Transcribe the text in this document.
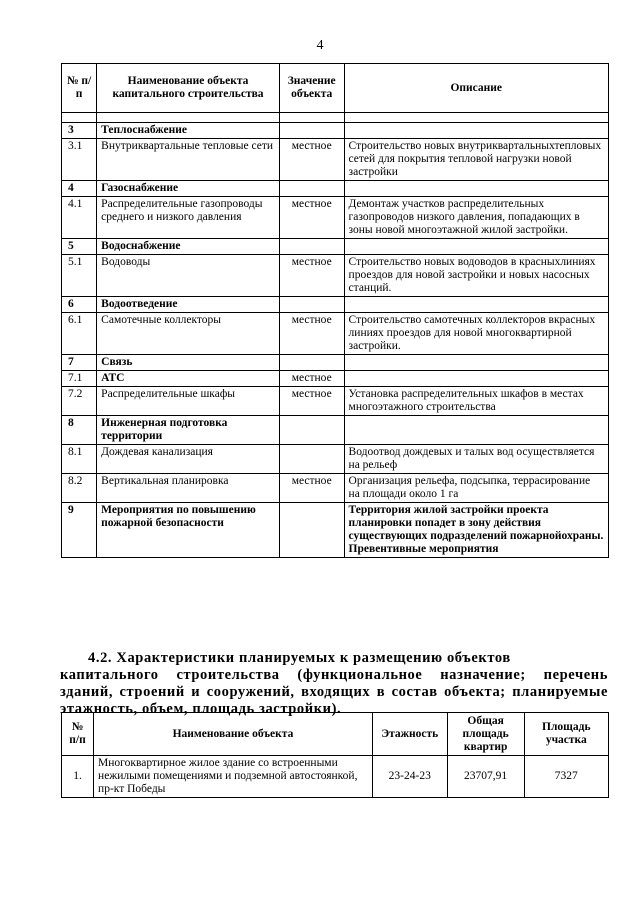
4
№ п/п	Наименование объекта капитального строительства	Значение объекта	Описание

3	Теплоснабжение		
3.1	Внутриквартальные тепловые сети	местное	Строительство новых внутриквартальныхтепловых сетей для покрытия тепловой нагрузки новой застройки
4	Газоснабжение		
4.1	Распределительные газопроводы среднего и низкого давления	местное	Демонтаж участков распределительных газопроводов низкого давления, попадающих в зоны новой многоэтажной жилой застройки.
5	Водоснабжение		
5.1	Водоводы	местное	Строительство новых водоводов в красныхлиниях проездов для новой застройки и новых насосных станций.
6	Водоотведение		
6.1	Самотечные коллекторы	местное	Строительство самотечных коллекторов вкрасных линиях проездов для новой многоквартирной застройки.
7	Связь		
7.1	АТС	местное	
7.2	Распределительные шкафы	местное	Установка распределительных шкафов в местах многоэтажного строительства
8	Инженерная подготовка территории		
8.1	Дождевая канализация		Водоотвод дождевых и талых вод осуществляется на рельеф
8.2	Вертикальная планировка	местное	Организация рельефа, подсыпка, террасирование на площади около 1 га
9	Мероприятия по повышению пожарной безопасности		Территория жилой застройки проекта планировки попадет в зону действия существующих подразделений пожарнойохраны. Превентивные мероприятия
4.2. Характеристики планируемых к размещению объектов
капитального строительства (функциональное назначение; перечень зданий, строений и сооружений, входящих в состав объекта; планируемые этажность, объем, площадь застройки).
№ п/п	Наименование объекта	Этажность	Общая площадь квартир	Площадь участка
1.	Многоквартирное жилое здание со встроенными нежилыми помещениями и подземной автостоянкой, пр-кт Победы	23-24-23	23707,91	7327
